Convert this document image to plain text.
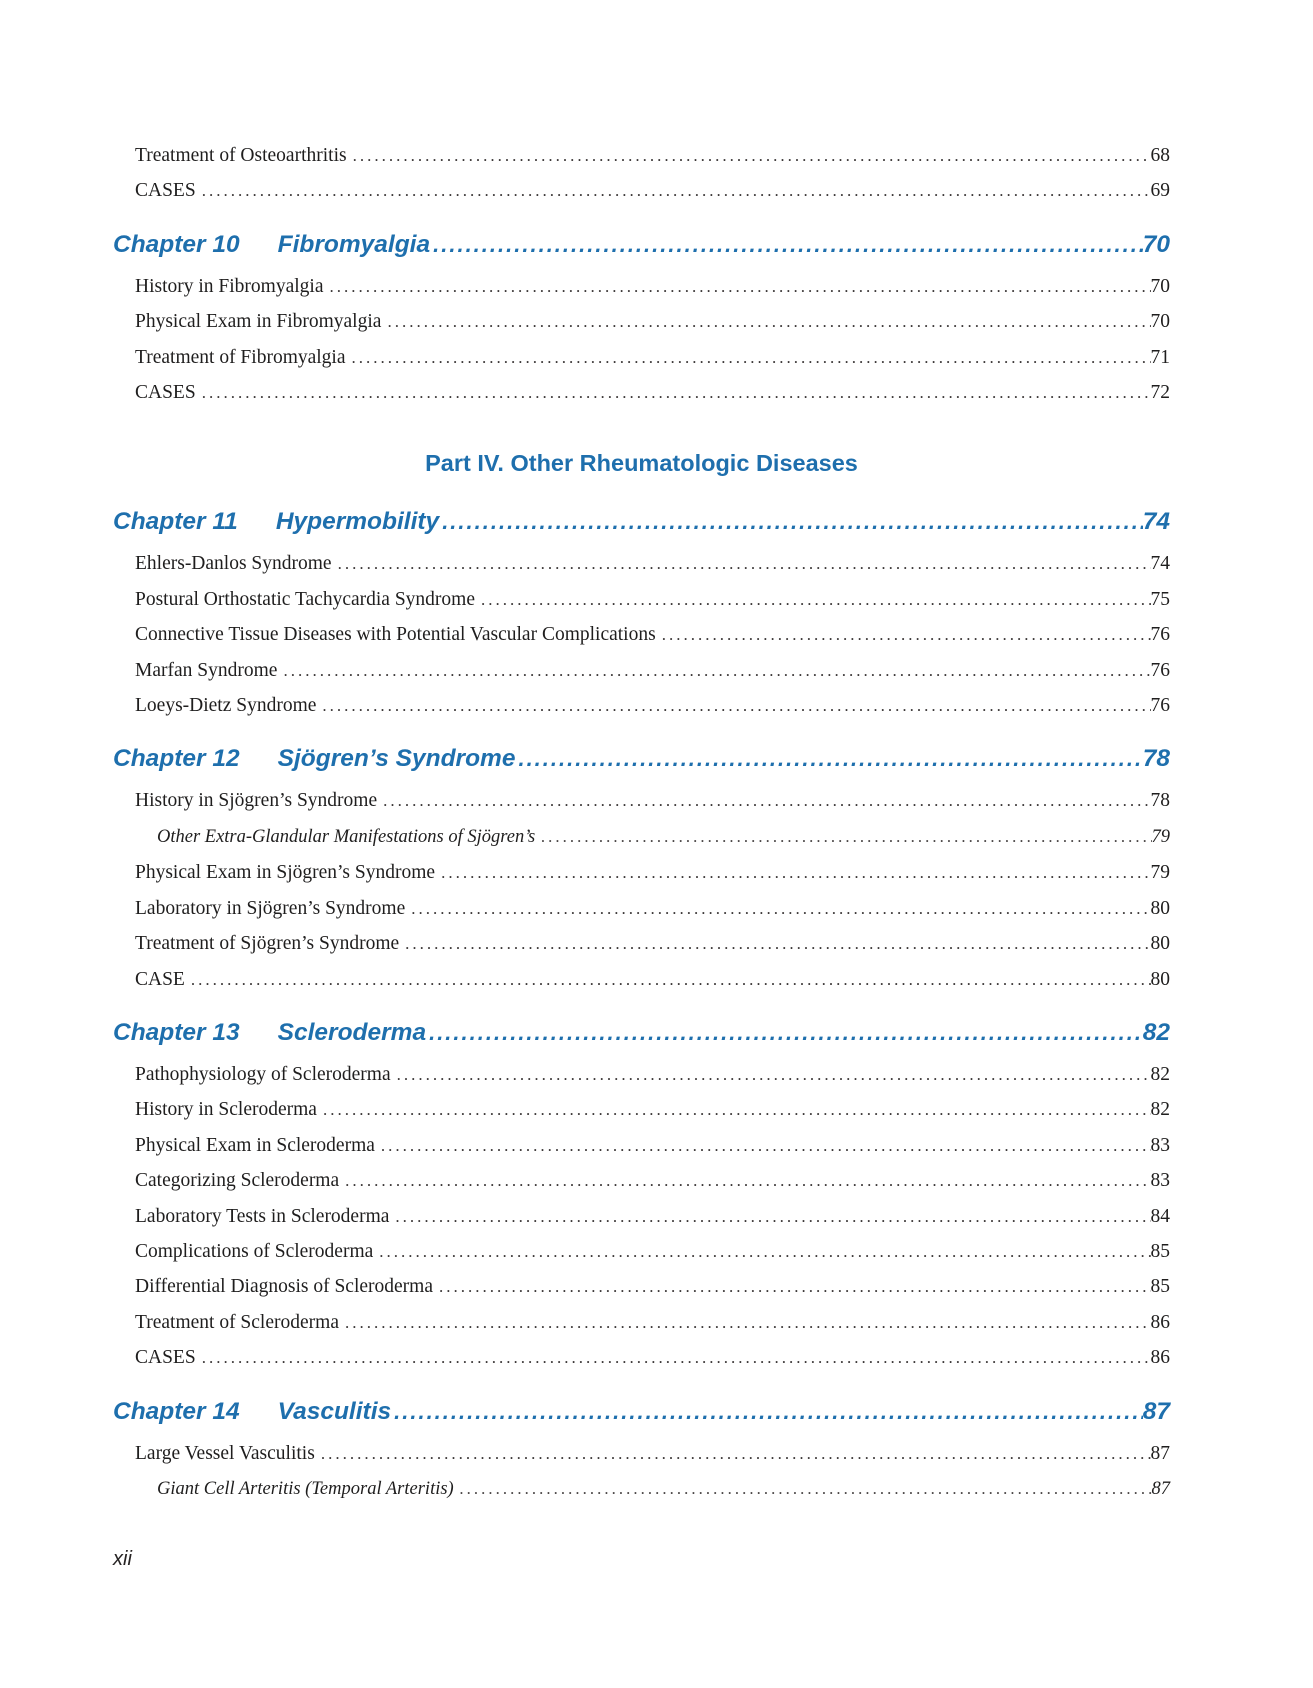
Treatment of Osteoarthritis .....	68
CASES .....	69
Chapter 10 Fibromyalgia .....	70
History in Fibromyalgia .....	70
Physical Exam in Fibromyalgia .....	70
Treatment of Fibromyalgia .....	71
CASES .....	72
Part IV. Other Rheumatologic Diseases
Chapter 11 Hypermobility .....	74
Ehlers-Danlos Syndrome .....	74
Postural Orthostatic Tachycardia Syndrome .....	75
Connective Tissue Diseases with Potential Vascular Complications .....	76
Marfan Syndrome .....	76
Loeys-Dietz Syndrome .....	76
Chapter 12 Sjögren’s Syndrome .....	78
History in Sjögren’s Syndrome .....	78
Other Extra-Glandular Manifestations of Sjögren’s .....	79
Physical Exam in Sjögren’s Syndrome .....	79
Laboratory in Sjögren’s Syndrome .....	80
Treatment of Sjögren’s Syndrome .....	80
CASE .....	80
Chapter 13 Scleroderma .....	82
Pathophysiology of Scleroderma .....	82
History in Scleroderma .....	82
Physical Exam in Scleroderma .....	83
Categorizing Scleroderma .....	83
Laboratory Tests in Scleroderma .....	84
Complications of Scleroderma .....	85
Differential Diagnosis of Scleroderma .....	85
Treatment of Scleroderma .....	86
CASES .....	86
Chapter 14 Vasculitis .....	87
Large Vessel Vasculitis .....	87
Giant Cell Arteritis (Temporal Arteritis) .....	87
xii
